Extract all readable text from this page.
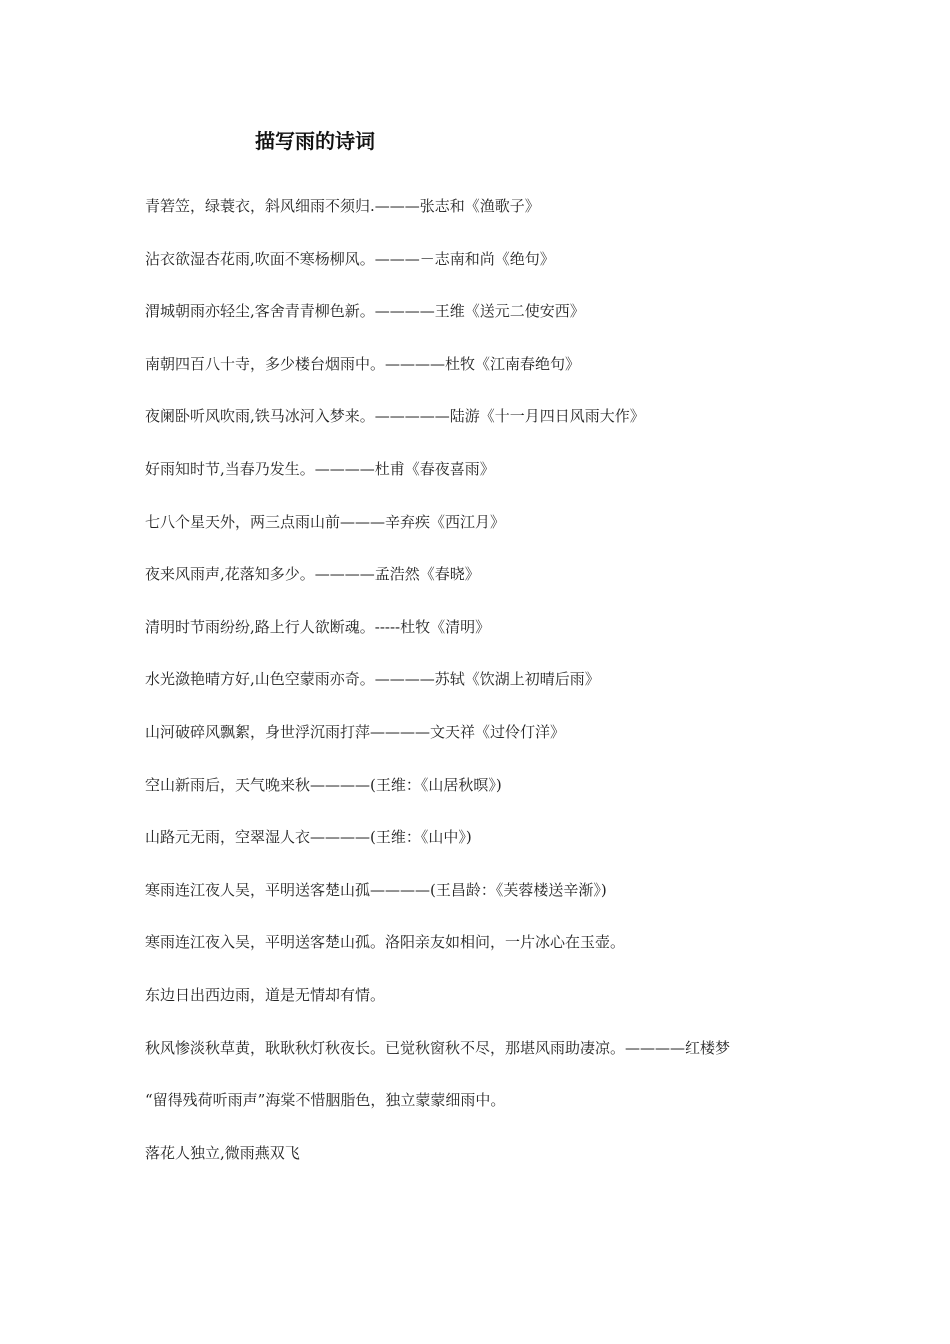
描写雨的诗词
青箬笠，绿蓑衣，斜风细雨不须归.———张志和《渔歌子》
沾衣欲湿杏花雨,吹面不寒杨柳风。———－志南和尚《绝句》
渭城朝雨亦轻尘,客舍青青柳色新。————王维《送元二使安西》
南朝四百八十寺，多少楼台烟雨中。————杜牧《江南春绝句》
夜阑卧听风吹雨,铁马冰河入梦来。—————陆游《十一月四日风雨大作》
好雨知时节,当春乃发生。————杜甫《春夜喜雨》
七八个星天外，两三点雨山前———辛弃疾《西江月》
夜来风雨声,花落知多少。————孟浩然《春晓》
清明时节雨纷纷,路上行人欲断魂。-----杜牧《清明》
水光潋艳晴方好,山色空蒙雨亦奇。————苏轼《饮湖上初晴后雨》
山河破碎风飘絮，身世浮沉雨打萍————文天祥《过伶仃洋》
空山新雨后，天气晚来秋————(王维：《山居秋暝》)
山路元无雨，空翠湿人衣————(王维：《山中》)
寒雨连江夜人吴，平明送客楚山孤————(王昌龄：《芙蓉楼送辛渐》)
寒雨连江夜入吴，平明送客楚山孤。洛阳亲友如相问，一片冰心在玉壶。
东边日出西边雨，道是无情却有情。
秋风惨淡秋草黄，耿耿秋灯秋夜长。已觉秋窗秋不尽，那堪风雨助凄凉。————红楼梦
“留得残荷听雨声”海棠不惜胭脂色，独立蒙蒙细雨中。
落花人独立,微雨燕双飞
